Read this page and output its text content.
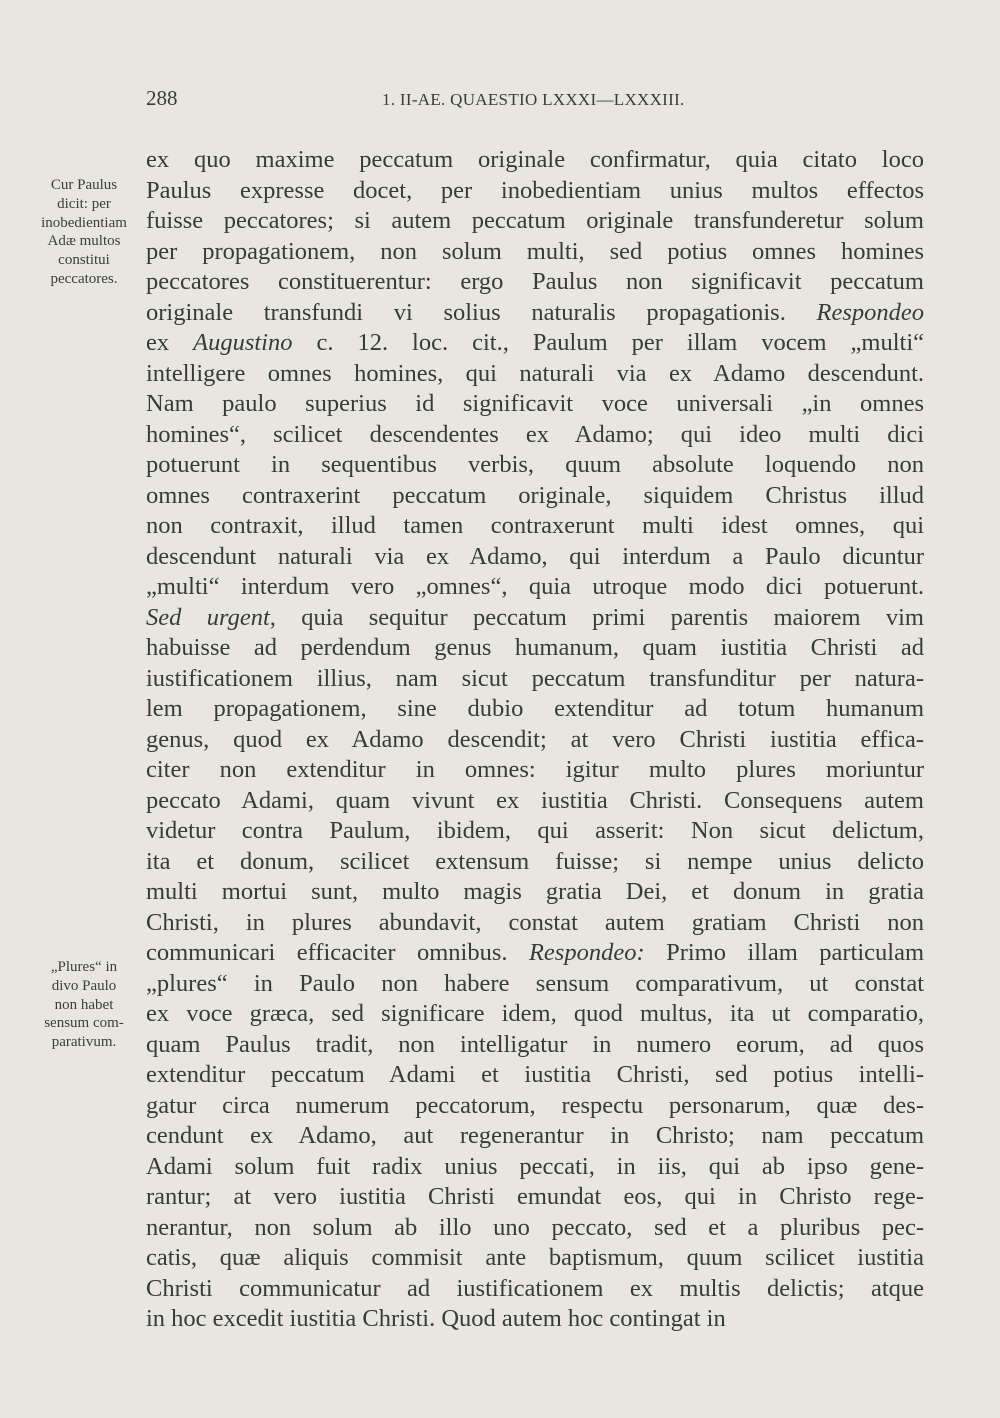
288	1. II-AE. QUAESTIO LXXXI—LXXXIII.
Cur Paulus
dicit: per
inobedientiam
Adæ multos
constitui
peccatores.
„Plures“ in
divo Paulo
non habet
sensum com-
parativum.
ex quo maxime peccatum originale confirmatur, quia citato loco
Paulus expresse docet, per inobedientiam unius multos effectos
fuisse peccatores; si autem peccatum originale transfunderetur solum
per propagationem, non solum multi, sed potius omnes homines
peccatores constituerentur: ergo Paulus non significavit peccatum
originale transfundi vi solius naturalis propagationis. Respondeo
ex Augustino c. 12. loc. cit., Paulum per illam vocem „multi“
intelligere omnes homines, qui naturali via ex Adamo descendunt.
Nam paulo superius id significavit voce universali „in omnes
homines“, scilicet descendentes ex Adamo; qui ideo multi dici
potuerunt in sequentibus verbis, quum absolute loquendo non
omnes contraxerint peccatum originale, siquidem Christus illud
non contraxit, illud tamen contraxerunt multi idest omnes, qui
descendunt naturali via ex Adamo, qui interdum a Paulo dicuntur
„multi“ interdum vero „omnes“, quia utroque modo dici potuerunt.
Sed urgent, quia sequitur peccatum primi parentis maiorem vim
habuisse ad perdendum genus humanum, quam iustitia Christi ad
iustificationem illius, nam sicut peccatum transfunditur per natura-
lem propagationem, sine dubio extenditur ad totum humanum
genus, quod ex Adamo descendit; at vero Christi iustitia effica-
citer non extenditur in omnes: igitur multo plures moriuntur
peccato Adami, quam vivunt ex iustitia Christi. Consequens autem
videtur contra Paulum, ibidem, qui asserit: Non sicut delictum,
ita et donum, scilicet extensum fuisse; si nempe unius delicto
multi mortui sunt, multo magis gratia Dei, et donum in gratia
Christi, in plures abundavit, constat autem gratiam Christi non
communicari efficaciter omnibus. Respondeo: Primo illam particulam
„plures“ in Paulo non habere sensum comparativum, ut constat
ex voce græca, sed significare idem, quod multus, ita ut comparatio,
quam Paulus tradit, non intelligatur in numero eorum, ad quos
extenditur peccatum Adami et iustitia Christi, sed potius intelli-
gatur circa numerum peccatorum, respectu personarum, quæ des-
cendunt ex Adamo, aut regenerantur in Christo; nam peccatum
Adami solum fuit radix unius peccati, in iis, qui ab ipso gene-
rantur; at vero iustitia Christi emundat eos, qui in Christo rege-
nerantur, non solum ab illo uno peccato, sed et a pluribus pec-
catis, quæ aliquis commisit ante baptismum, quum scilicet iustitia
Christi communicatur ad iustificationem ex multis delictis; atque
in hoc excedit iustitia Christi. Quod autem hoc contingat in
